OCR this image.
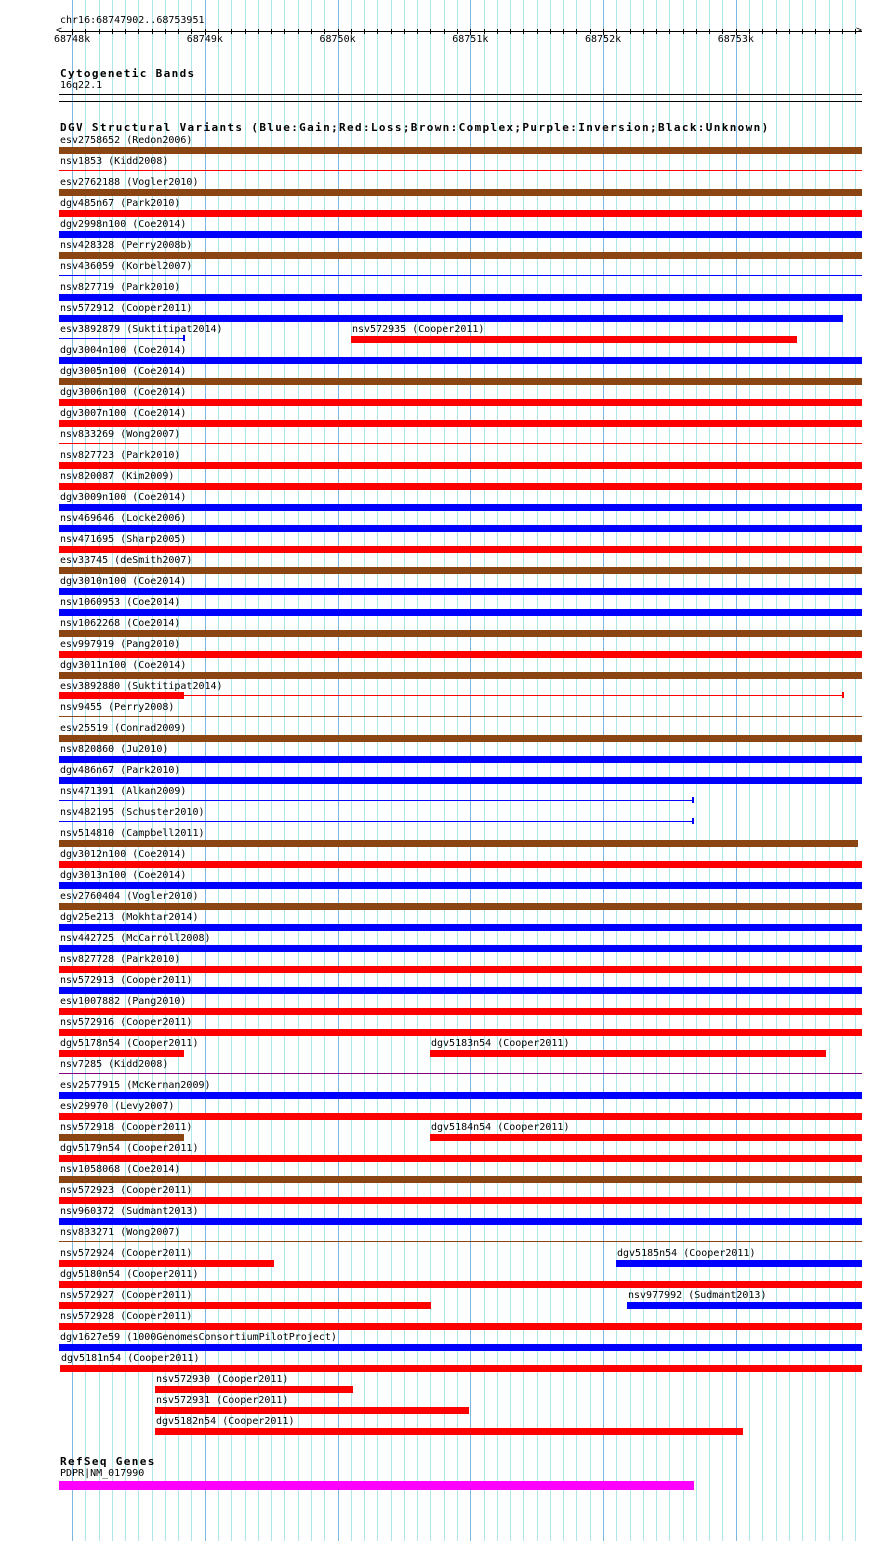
chr16:68747902..68753951
<	>
68748k	68749k	68750k	68751k	68752k	68753k
Cytogenetic Bands
16q22.1
DGV Structural Variants (Blue:Gain;Red:Loss;Brown:Complex;Purple:Inversion;Black:Unknown)
esv2758652 (Redon2006)
nsv1853 (Kidd2008)
esv2762188 (Vogler2010)
dgv485n67 (Park2010)
dgv2998n100 (Coe2014)
nsv428328 (Perry2008b)
nsv436059 (Korbel2007)
nsv827719 (Park2010)
nsv572912 (Cooper2011)
esv3892879 (Suktitipat2014)	nsv572935 (Cooper2011)
dgv3004n100 (Coe2014)
dgv3005n100 (Coe2014)
dgv3006n100 (Coe2014)
dgv3007n100 (Coe2014)
nsv833269 (Wong2007)
nsv827723 (Park2010)
nsv820087 (Kim2009)
dgv3009n100 (Coe2014)
nsv469646 (Locke2006)
nsv471695 (Sharp2005)
esv33745 (deSmith2007)
dgv3010n100 (Coe2014)
nsv1060953 (Coe2014)
nsv1062268 (Coe2014)
esv997919 (Pang2010)
dgv3011n100 (Coe2014)
esv3892880 (Suktitipat2014)
nsv9455 (Perry2008)
esv25519 (Conrad2009)
nsv820860 (Ju2010)
dgv486n67 (Park2010)
nsv471391 (Alkan2009)
nsv482195 (Schuster2010)
nsv514810 (Campbell2011)
dgv3012n100 (Coe2014)
dgv3013n100 (Coe2014)
esv2760404 (Vogler2010)
dgv25e213 (Mokhtar2014)
nsv442725 (McCarroll2008)
nsv827728 (Park2010)
nsv572913 (Cooper2011)
esv1007882 (Pang2010)
nsv572916 (Cooper2011)
dgv5178n54 (Cooper2011)	dgv5183n54 (Cooper2011)
nsv7285 (Kidd2008)
esv2577915 (McKernan2009)
esv29970 (Levy2007)
nsv572918 (Cooper2011)	dgv5184n54 (Cooper2011)
dgv5179n54 (Cooper2011)
nsv1058068 (Coe2014)
nsv572923 (Cooper2011)
nsv960372 (Sudmant2013)
nsv833271 (Wong2007)
nsv572924 (Cooper2011)	dgv5185n54 (Cooper2011)
dgv5180n54 (Cooper2011)
nsv572927 (Cooper2011)	nsv977992 (Sudmant2013)
nsv572928 (Cooper2011)
dgv1627e59 (1000GenomesConsortiumPilotProject)
dgv5181n54 (Cooper2011)
nsv572930 (Cooper2011)
nsv572931 (Cooper2011)
dgv5182n54 (Cooper2011)
RefSeq Genes
PDPR|NM_017990
